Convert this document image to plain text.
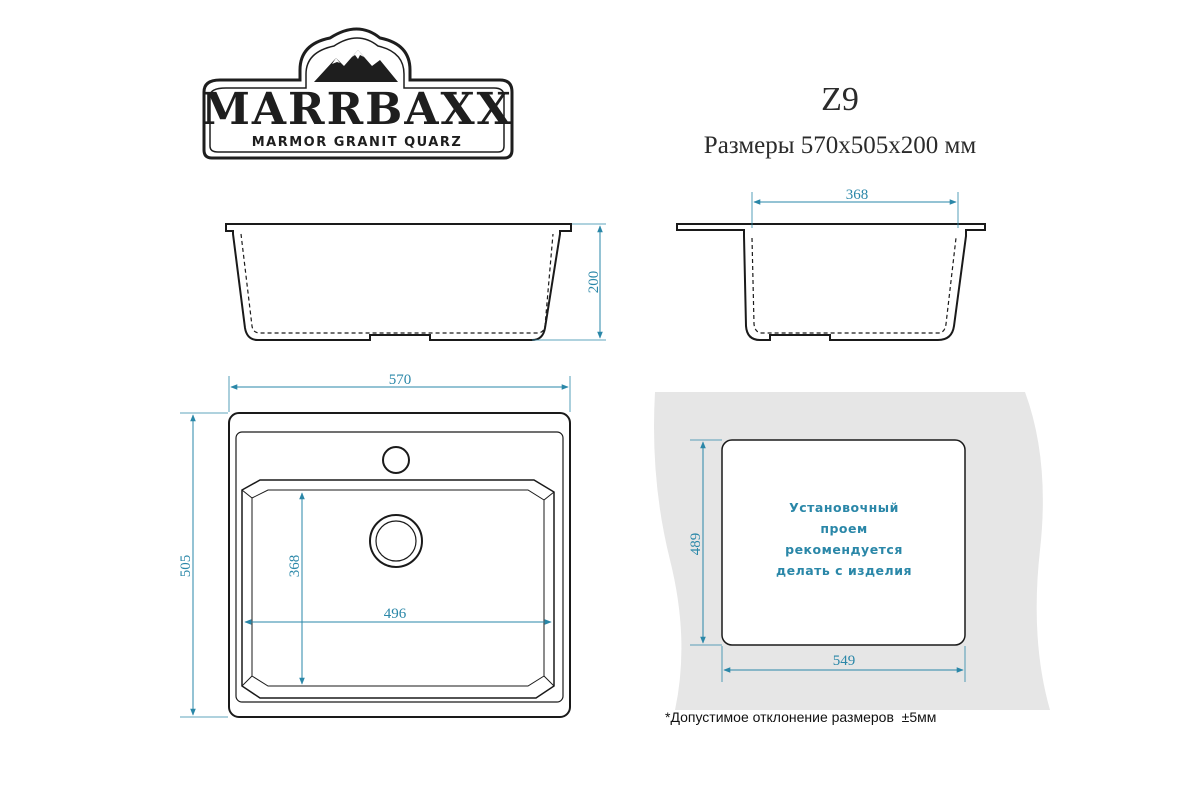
MARRBAXX
MARMOR GRANIT QUARZ
Z9
Размеры 570x505x200 мм
200
368
570
505	368
496
Установочный
проем
рекомендуется
делать с изделия
489
549
*Допустимое отклонение размеров  ±5мм
